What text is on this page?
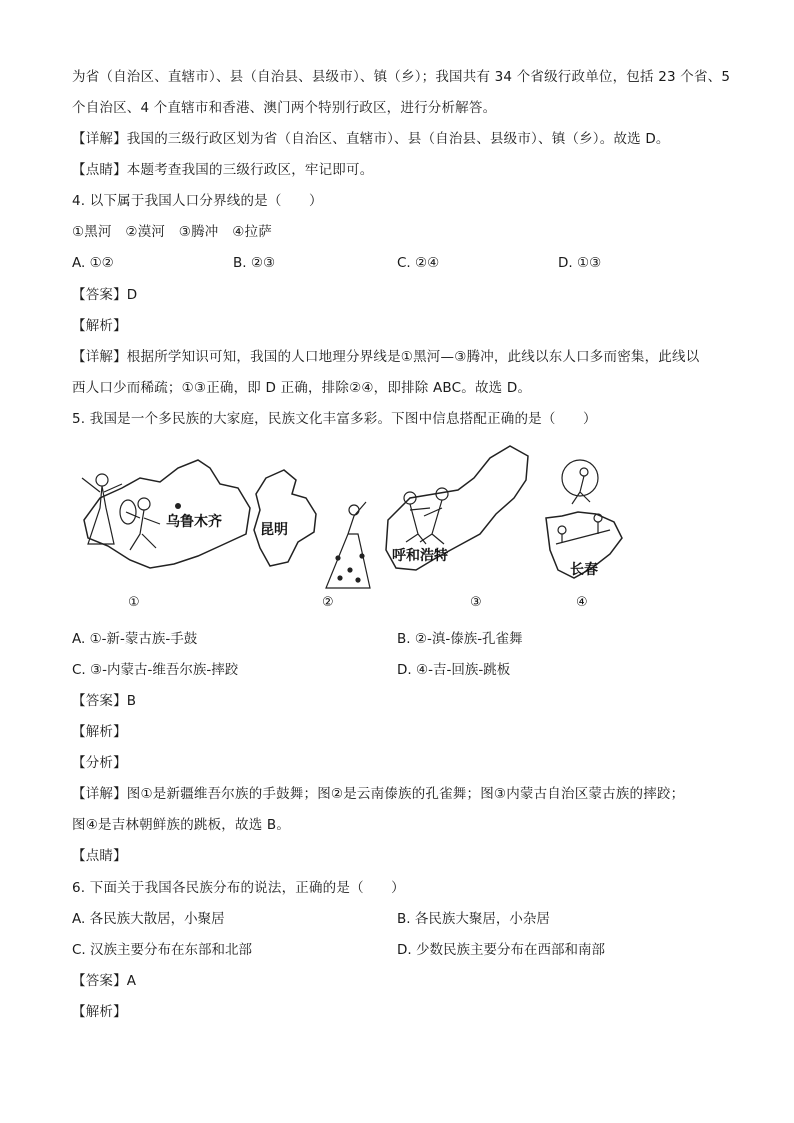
为省（自治区、直辖市）、县（自治县、县级市）、镇（乡）；我国共有 34 个省级行政单位，包括 23 个省、5
个自治区、4 个直辖市和香港、澳门两个特别行政区，进行分析解答。
【详解】我国的三级行政区划为省（自治区、直辖市）、县（自治县、县级市）、镇（乡）。故选 D。
【点睛】本题考查我国的三级行政区，牢记即可。
4. 以下属于我国人口分界线的是（　　）
①黑河　②漠河　③腾冲　④拉萨
A. ①②	B. ②③	C. ②④	D. ①③
【答案】D
【解析】
【详解】根据所学知识可知，我国的人口地理分界线是①黑河—③腾冲，此线以东人口多而密集，此线以
西人口少而稀疏；①③正确，即 D 正确，排除②④，即排除 ABC。故选 D。
5. 我国是一个多民族的大家庭，民族文化丰富多彩。下图中信息搭配正确的是（　　）
乌鲁木齐
①
昆明
②
呼和浩特
③
长春
④
A. ①-新-蒙古族-手鼓	B. ②-滇-傣族-孔雀舞
C. ③-内蒙古-维吾尔族-摔跤	D. ④-吉-回族-跳板
【答案】B
【解析】
【分析】
【详解】图①是新疆维吾尔族的手鼓舞；图②是云南傣族的孔雀舞；图③内蒙古自治区蒙古族的摔跤；
图④是吉林朝鲜族的跳板，故选 B。
【点睛】
6. 下面关于我国各民族分布的说法，正确的是（　　）
A. 各民族大散居，小聚居	B. 各民族大聚居，小杂居
C. 汉族主要分布在东部和北部	D. 少数民族主要分布在西部和南部
【答案】A
【解析】
